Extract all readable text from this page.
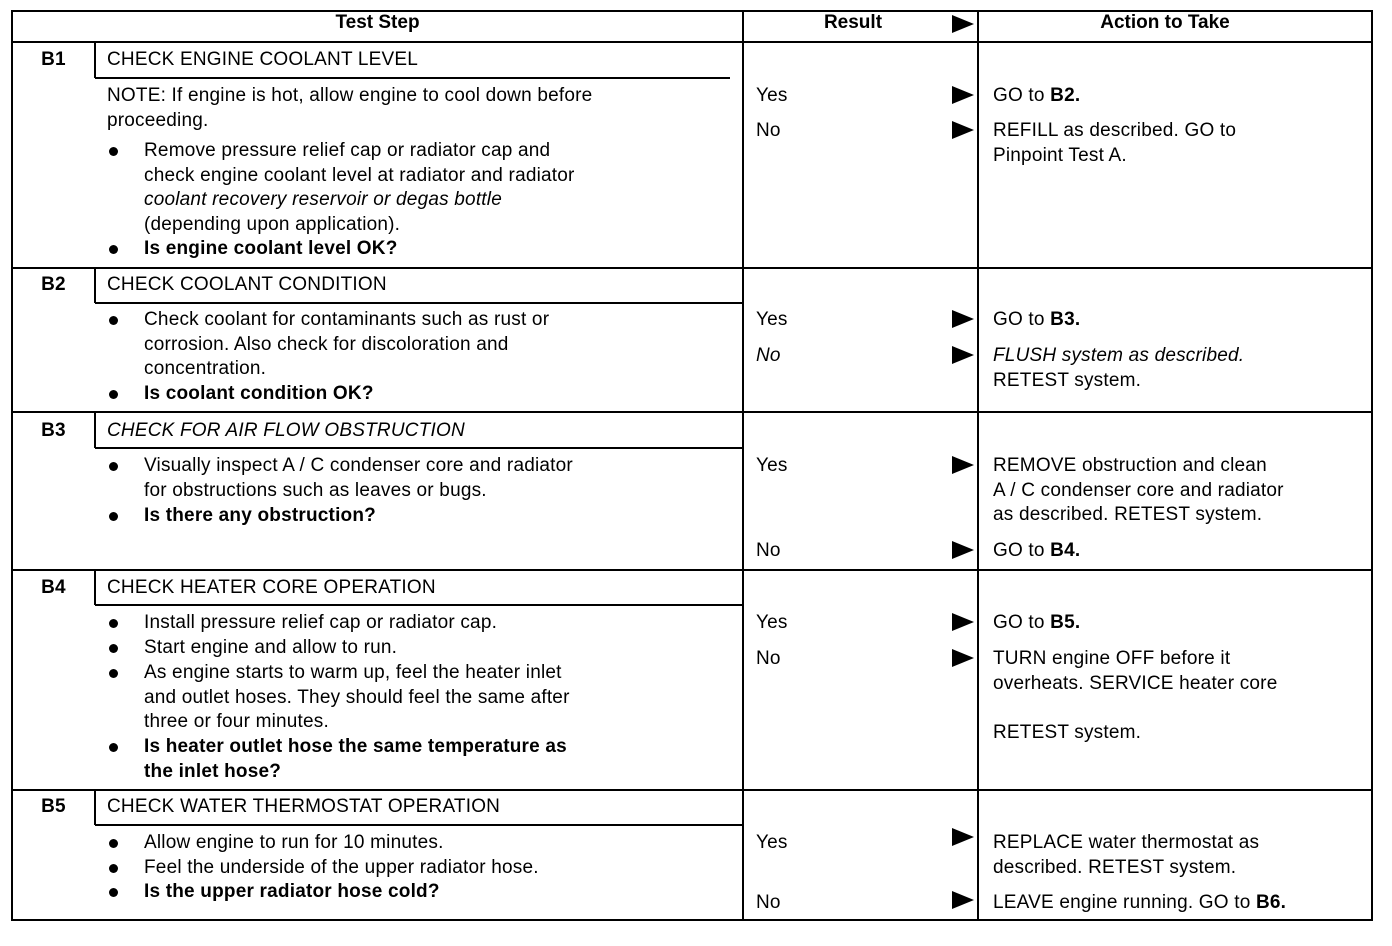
Test Step	Result	Action to Take
B1	CHECK ENGINE COOLANT LEVEL
NOTE: If engine is hot, allow engine to cool down before
proceeding.
Remove pressure relief cap or radiator cap and
check engine coolant level at radiator and radiator
coolant recovery reservoir or degas bottle
(depending upon application).
Is engine coolant level OK?
Yes	GO to B2.
No	REFILL as described. GO to
Pinpoint Test A.
B2	CHECK COOLANT CONDITION
Check coolant for contaminants such as rust or
corrosion. Also check for discoloration and
concentration.
Is coolant condition OK?
Yes	GO to B3.
No	FLUSH system as described.
RETEST system.
B3	CHECK FOR AIR FLOW OBSTRUCTION
Visually inspect A / C condenser core and radiator
for obstructions such as leaves or bugs.
Is there any obstruction?
Yes	REMOVE obstruction and clean
A / C condenser core and radiator
as described. RETEST system.
No	GO to B4.
B4	CHECK HEATER CORE OPERATION
Install pressure relief cap or radiator cap.
Start engine and allow to run.
As engine starts to warm up, feel the heater inlet
and outlet hoses. They should feel the same after
three or four minutes.
Is heater outlet hose the same temperature as
the inlet hose?
Yes	GO to B5.
No	TURN engine OFF before it
overheats. SERVICE heater core

RETEST system.
B5	CHECK WATER THERMOSTAT OPERATION
Allow engine to run for 10 minutes.
Feel the underside of the upper radiator hose.
Is the upper radiator hose cold?
Yes	REPLACE water thermostat as
described. RETEST system.
No	LEAVE engine running. GO to B6.
